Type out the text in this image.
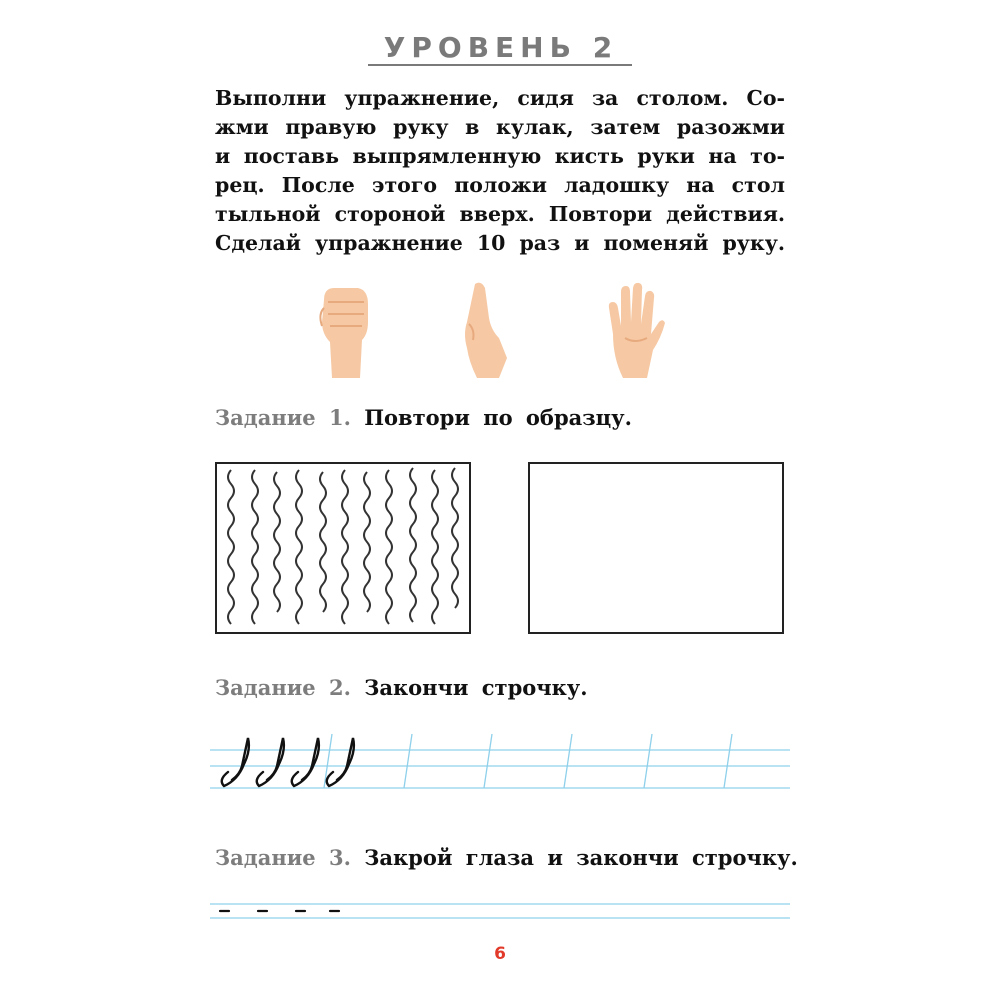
УРОВЕНЬ 2

Выполни упражнение, сидя за столом. Со-
жми правую руку в кулак, затем разожми
и поставь выпрямленную кисть руки на то-
рец. После этого положи ладошку на стол
тыльной стороной вверх. Повтори действия.
Сделай упражнение 10 раз и поменяй руку.

Задание 1. Повтори по образцу.
Задание 2. Закончи строчку.
Задание 3. Закрой глаза и закончи строчку.
6
